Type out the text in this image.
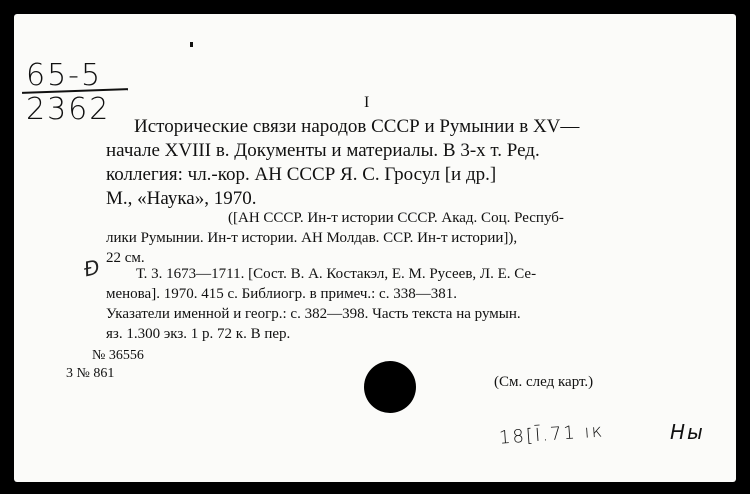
65-5
2362	I
Исторические связи народов СССР и Румынии в XV—
начале XVIII в. Документы и материалы. В 3-х т. Ред.
коллегия: чл.-кор. АН СССР Я. С. Гросул [и др.]
М., «Наука», 1970.
([АН СССР. Ин-т истории СССР. Акад. Соц. Респуб-
лики Румынии. Ин-т истории. АН Молдав. ССР. Ин-т истории]),
22 см.
Ɖ Т. 3. 1673—1711. [Сост. В. А. Костакэл, Е. М. Русеев, Л. Е. Се-
менова]. 1970. 415 с. Библиогр. в примеч.: с. 338—381.
Указатели именной и геогр.: с. 382—398. Часть текста на румын.
яз. 1.300 экз. 1 р. 72 к. В пер.
№ 36556
3 № 861
(См. след карт.)
18[Ī.71 ıк	Ны
